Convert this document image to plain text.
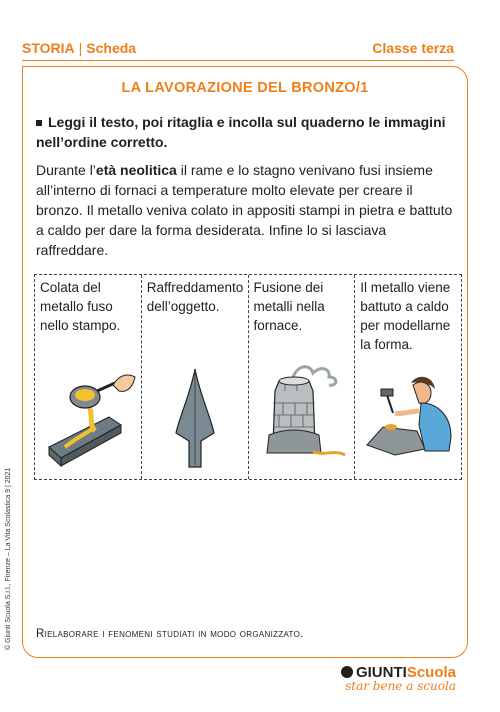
STORIA | Scheda	Classe terza
LA LAVORAZIONE DEL BRONZO/1
Leggi il testo, poi ritaglia e incolla sul quaderno le immagini nell’ordine corretto.
Durante l’età neolitica il rame e lo stagno venivano fusi insieme all’interno di fornaci a temperature molto elevate per creare il bronzo. Il metallo veniva colato in appositi stampi in pietra e battuto a caldo per dare la forma desiderata. Infine lo si lasciava raffreddare.
Colata del metallo fuso nello stampo.
Raffreddamento dell’oggetto.
Fusione dei metalli nella fornace.
Il metallo viene battuto a caldo per modellarne la forma.
Rielaborare i fenomeni studiati in modo organizzato.
© Giunti Scuola S.r.l., Firenze – La Vita Scolastica 9 | 2021
GIUNTIScuola
star bene a scuola
